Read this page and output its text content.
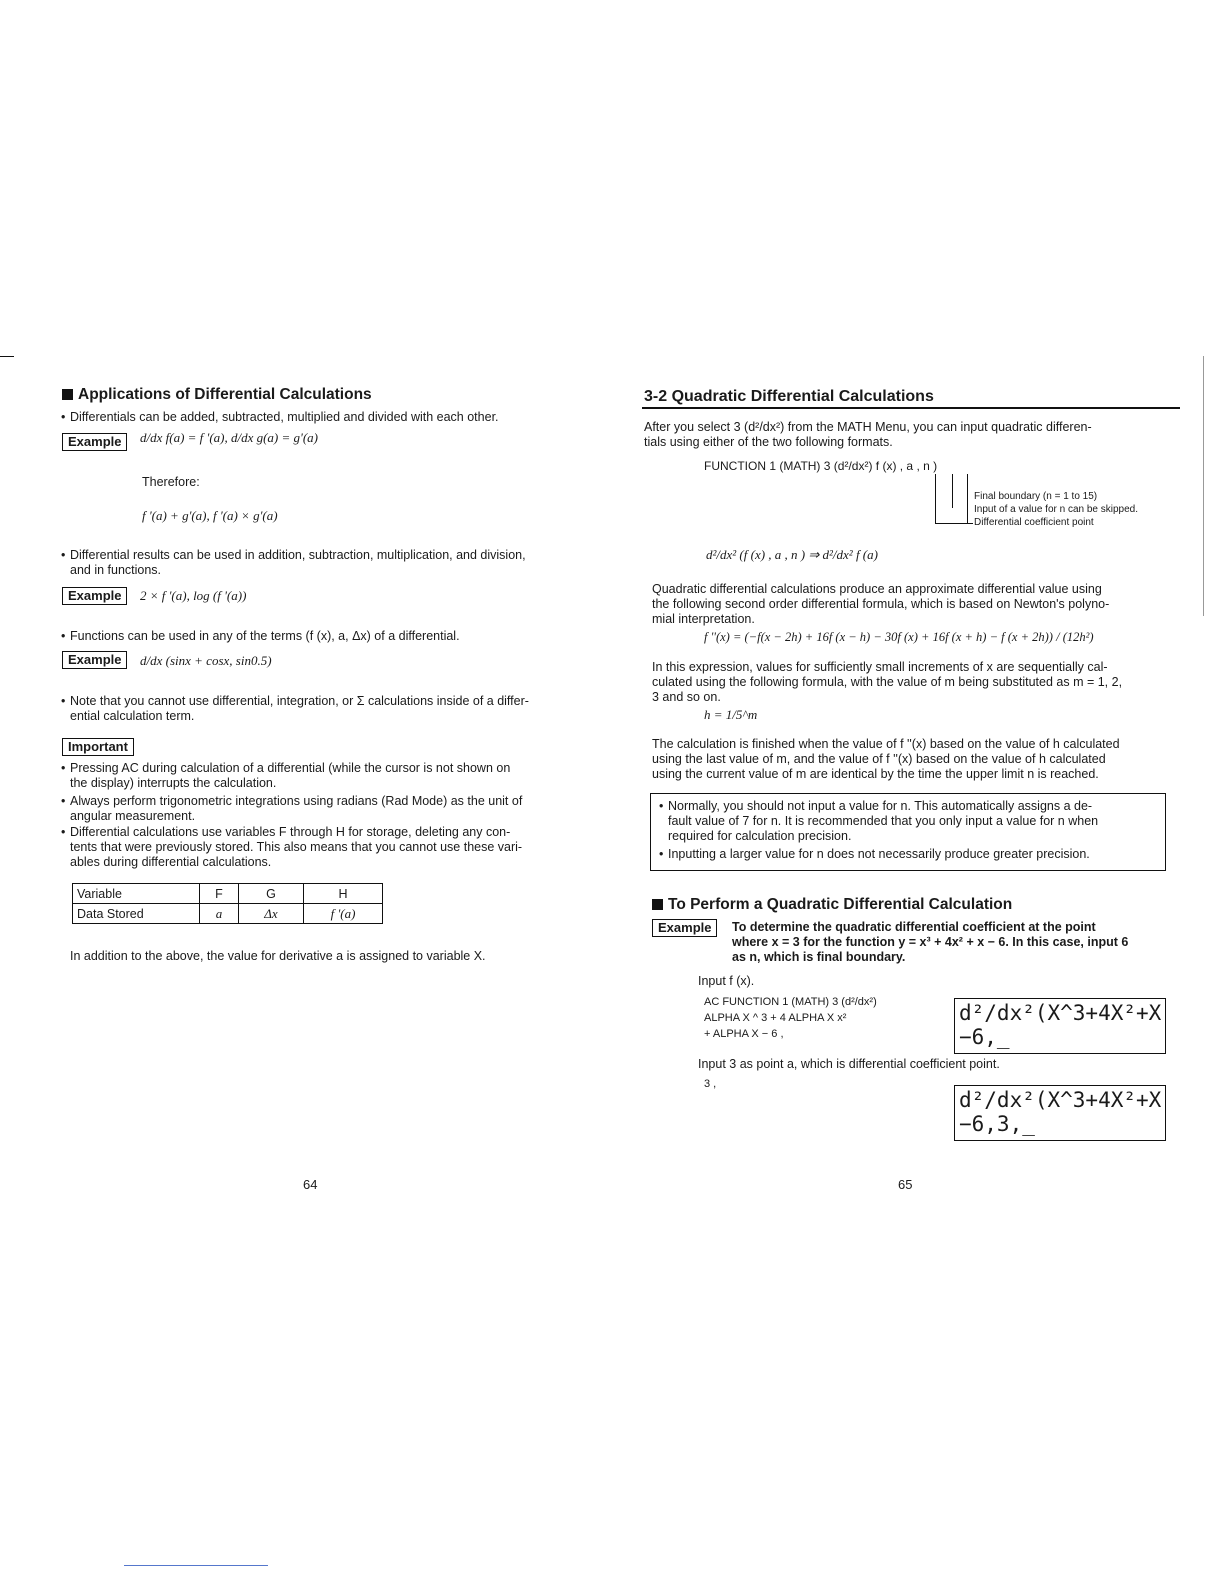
Applications of Differential Calculations
• Differentials can be added, subtracted, multiplied and divided with each other.
Example	d/dx f(a) = f '(a), d/dx g(a) = g'(a)
Therefore:
f '(a) + g'(a), f '(a) × g'(a)
• Differential results can be used in addition, subtraction, multiplication, and division,
and in functions.
Example	2 × f '(a), log (f '(a))
• Functions can be used in any of the terms (f (x), a, Δx) of a differential.
Example	d/dx (sinx + cosx, sin0.5)
• Note that you cannot use differential, integration, or Σ calculations inside of a differ-
ential calculation term.
Important
• Pressing AC during calculation of a differential (while the cursor is not shown on
the display) interrupts the calculation.
• Always perform trigonometric integrations using radians (Rad Mode) as the unit of
angular measurement.
• Differential calculations use variables F through H for storage, deleting any con-
tents that were previously stored. This also means that you cannot use these vari-
ables during differential calculations.
Variable	F	G	H
Data Stored	a	Δx	f '(a)
In addition to the above, the value for derivative a is assigned to variable X.
64
3-2 Quadratic Differential Calculations
After you select 3 (d²/dx²) from the MATH Menu, you can input quadratic differen-
tials using either of the two following formats.
FUNCTION 1 (MATH) 3 (d²/dx²) f (x) , a , n )
Final boundary (n = 1 to 15)
Input of a value for n can be skipped.
Differential coefficient point
d²/dx² (f (x) , a , n ) ⇒ d²/dx² f (a)
Quadratic differential calculations produce an approximate differential value using
the following second order differential formula, which is based on Newton's polyno-
mial interpretation.
f ''(x) = (−f(x − 2h) + 16f (x − h) − 30f (x) + 16f (x + h) − f (x + 2h)) / (12h²)
In this expression, values for sufficiently small increments of x are sequentially cal-
culated using the following formula, with the value of m being substituted as m = 1, 2,
3 and so on.
h = 1/5^m
The calculation is finished when the value of f ''(x) based on the value of h calculated
using the last value of m, and the value of f ''(x) based on the value of h calculated
using the current value of m are identical by the time the upper limit n is reached.
• Normally, you should not input a value for n. This automatically assigns a de-
fault value of 7 for n. It is recommended that you only input a value for n when
required for calculation precision.
• Inputting a larger value for n does not necessarily produce greater precision.
To Perform a Quadratic Differential Calculation
Example	To determine the quadratic differential coefficient at the point
where x = 3 for the function y = x³ + 4x² + x − 6. In this case, input 6
as n, which is final boundary.
Input f (x).
AC FUNCTION 1 (MATH) 3 (d²/dx²)
ALPHA X ^ 3 + 4 ALPHA X x²
+ ALPHA X − 6 ,
d²/dx²(X^3+4X²+X
−6,_
Input 3 as point a, which is differential coefficient point.
3 ,
d²/dx²(X^3+4X²+X
−6,3,_
65
